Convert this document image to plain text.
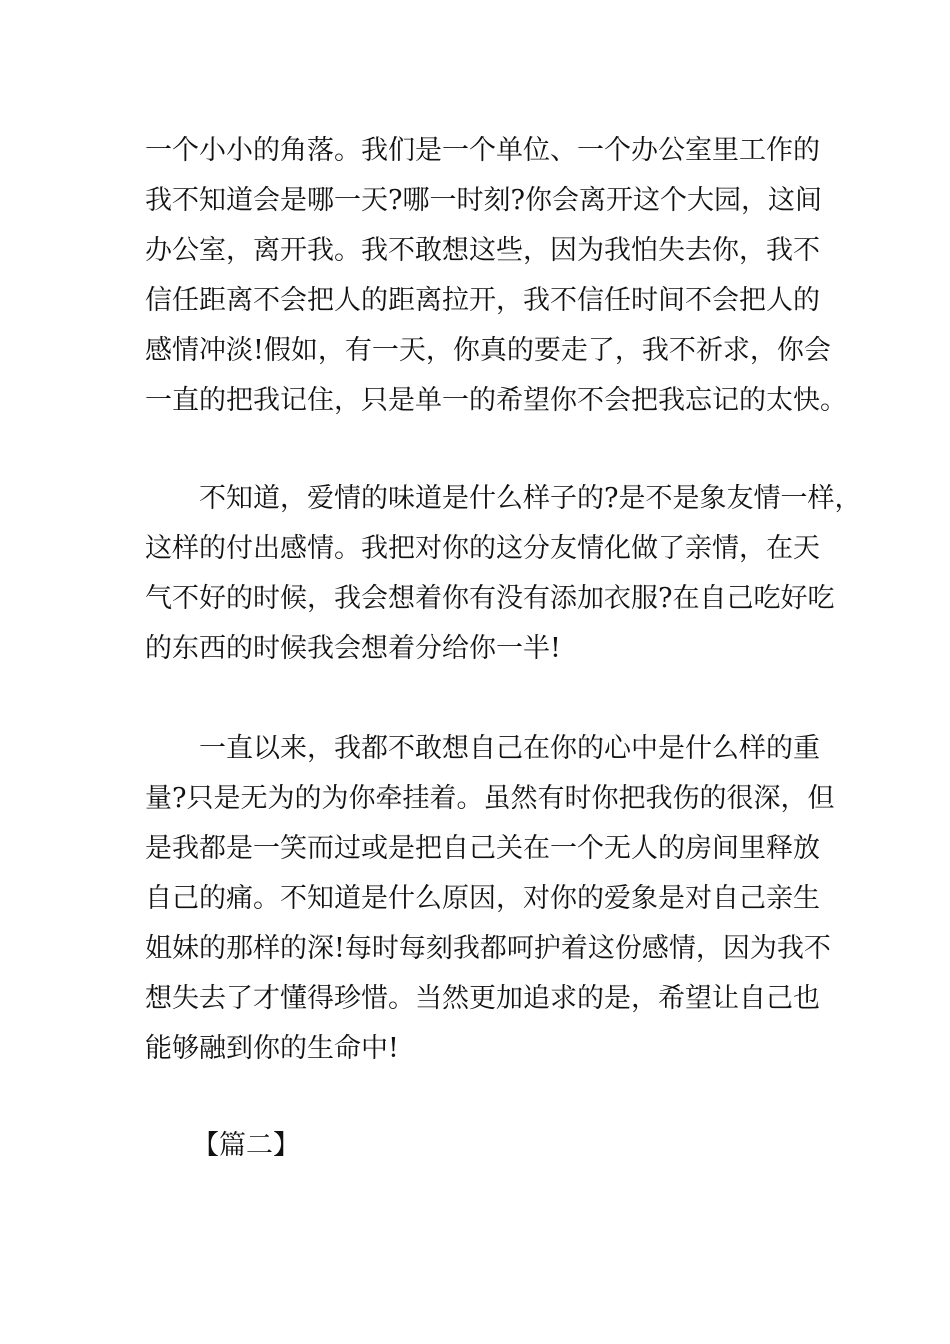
一个小小的角落。我们是一个单位、一个办公室里工作的
我不知道会是哪一天?哪一时刻?你会离开这个大园，这间
办公室，离开我。我不敢想这些，因为我怕失去你，我不
信任距离不会把人的距离拉开，我不信任时间不会把人的
感情冲淡!假如，有一天，你真的要走了，我不祈求，你会
一直的把我记住，只是单一的希望你不会把我忘记的太快。
不知道，爱情的味道是什么样子的?是不是象友情一样，
这样的付出感情。我把对你的这分友情化做了亲情，在天
气不好的时候，我会想着你有没有添加衣服?在自己吃好吃
的东西的时候我会想着分给你一半!
一直以来，我都不敢想自己在你的心中是什么样的重
量?只是无为的为你牵挂着。虽然有时你把我伤的很深，但
是我都是一笑而过或是把自己关在一个无人的房间里释放
自己的痛。不知道是什么原因，对你的爱象是对自己亲生
姐妹的那样的深!每时每刻我都呵护着这份感情，因为我不
想失去了才懂得珍惜。当然更加追求的是，希望让自己也
能够融到你的生命中!
【篇二】
